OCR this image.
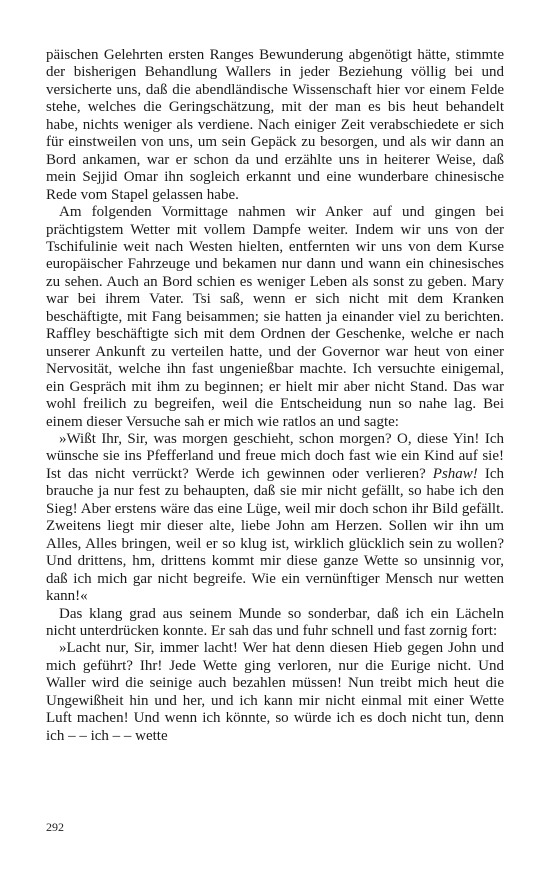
päischen Gelehrten ersten Ranges Bewunderung abgenötigt hätte, stimmte der bisherigen Behandlung Wallers in jeder Beziehung völlig bei und versicherte uns, daß die abendländische Wissenschaft hier vor einem Felde stehe, welches die Geringschätzung, mit der man es bis heut behandelt habe, nichts weniger als verdiene. Nach einiger Zeit verabschiedete er sich für einstweilen von uns, um sein Gepäck zu besorgen, und als wir dann an Bord ankamen, war er schon da und erzählte uns in heiterer Weise, daß mein Sejjid Omar ihn sogleich erkannt und eine wunderbare chinesische Rede vom Stapel gelassen habe.

Am folgenden Vormittage nahmen wir Anker auf und gingen bei prächtigstem Wetter mit vollem Dampfe weiter. Indem wir uns von der Tschifulinie weit nach Westen hielten, entfernten wir uns von dem Kurse europäischer Fahrzeuge und bekamen nur dann und wann ein chinesisches zu sehen. Auch an Bord schien es weniger Leben als sonst zu geben. Mary war bei ihrem Vater. Tsi saß, wenn er sich nicht mit dem Kranken beschäftigte, mit Fang beisammen; sie hatten ja einander viel zu berichten. Raffley beschäftigte sich mit dem Ordnen der Geschenke, welche er nach unserer Ankunft zu verteilen hatte, und der Governor war heut von einer Nervosität, welche ihn fast ungenießbar machte. Ich versuchte einigemal, ein Gespräch mit ihm zu beginnen; er hielt mir aber nicht Stand. Das war wohl freilich zu begreifen, weil die Entscheidung nun so nahe lag. Bei einem dieser Versuche sah er mich wie ratlos an und sagte:

»Wißt Ihr, Sir, was morgen geschieht, schon morgen? O, diese Yin! Ich wünsche sie ins Pfefferland und freue mich doch fast wie ein Kind auf sie! Ist das nicht verrückt? Werde ich gewinnen oder verlieren? Pshaw! Ich brauche ja nur fest zu behaupten, daß sie mir nicht gefällt, so habe ich den Sieg! Aber erstens wäre das eine Lüge, weil mir doch schon ihr Bild gefällt. Zweitens liegt mir dieser alte, liebe John am Herzen. Sollen wir ihn um Alles, Alles bringen, weil er so klug ist, wirklich glücklich sein zu wollen? Und drittens, hm, drittens kommt mir diese ganze Wette so unsinnig vor, daß ich mich gar nicht begreife. Wie ein vernünftiger Mensch nur wetten kann!«

Das klang grad aus seinem Munde so sonderbar, daß ich ein Lächeln nicht unterdrücken konnte. Er sah das und fuhr schnell und fast zornig fort:

»Lacht nur, Sir, immer lacht! Wer hat denn diesen Hieb gegen John und mich geführt? Ihr! Jede Wette ging verloren, nur die Eurige nicht. Und Waller wird die seinige auch bezahlen müssen! Nun treibt mich heut die Ungewißheit hin und her, und ich kann mir nicht einmal mit einer Wette Luft machen! Und wenn ich könnte, so würde ich es doch nicht tun, denn ich – – ich – – wette

292
